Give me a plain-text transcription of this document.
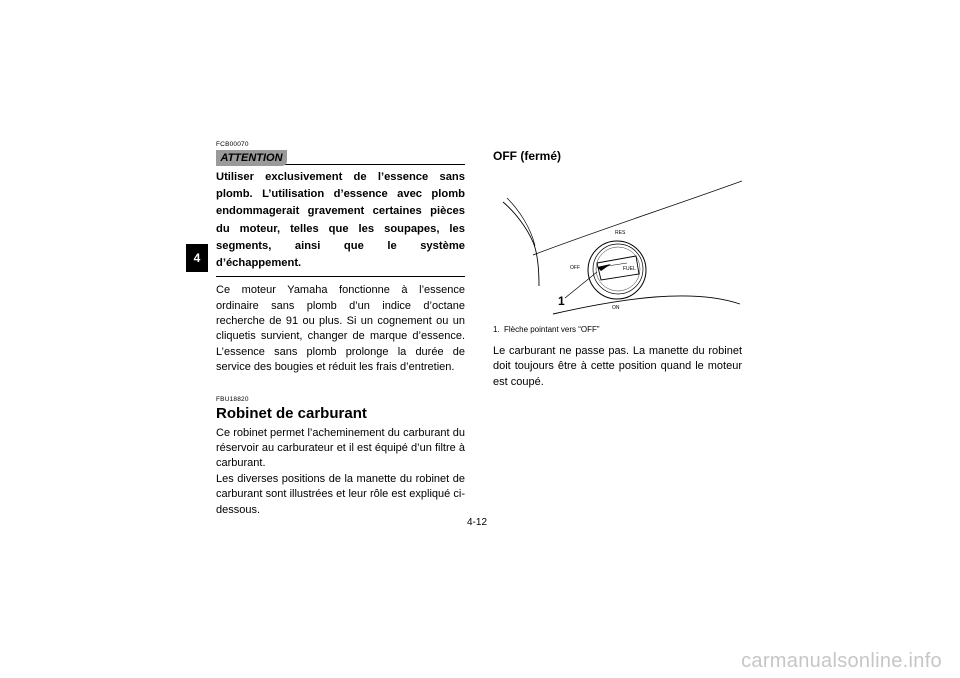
4
FCB00070
ATTENTION
Utiliser exclusivement de l’essence sans plomb. L’utilisation d’essence avec plomb endommagerait gravement certaines pièces du moteur, telles que les soupapes, les segments, ainsi que le système d’échappement.

Ce moteur Yamaha fonctionne à l’essence ordinaire sans plomb d’un indice d’octane recherche de 91 ou plus. Si un cognement ou un cliquetis survient, changer de marque d’essence. L’essence sans plomb prolonge la durée de service des bougies et réduit les frais d’entretien.

FBU18820
Robinet de carburant

Ce robinet permet l’acheminement du carburant du réservoir au carburateur et il est équipé d’un filtre à carburant.

Les diverses positions de la manette du robinet de carburant sont illustrées et leur rôle est expliqué ci-dessous.

OFF (fermé)
RES
OFF
ON
FUEL
1
1. Flèche pointant vers “OFF”

Le carburant ne passe pas. La manette du robinet doit toujours être à cette position quand le moteur est coupé.

4-12
carmanualsonline.info
